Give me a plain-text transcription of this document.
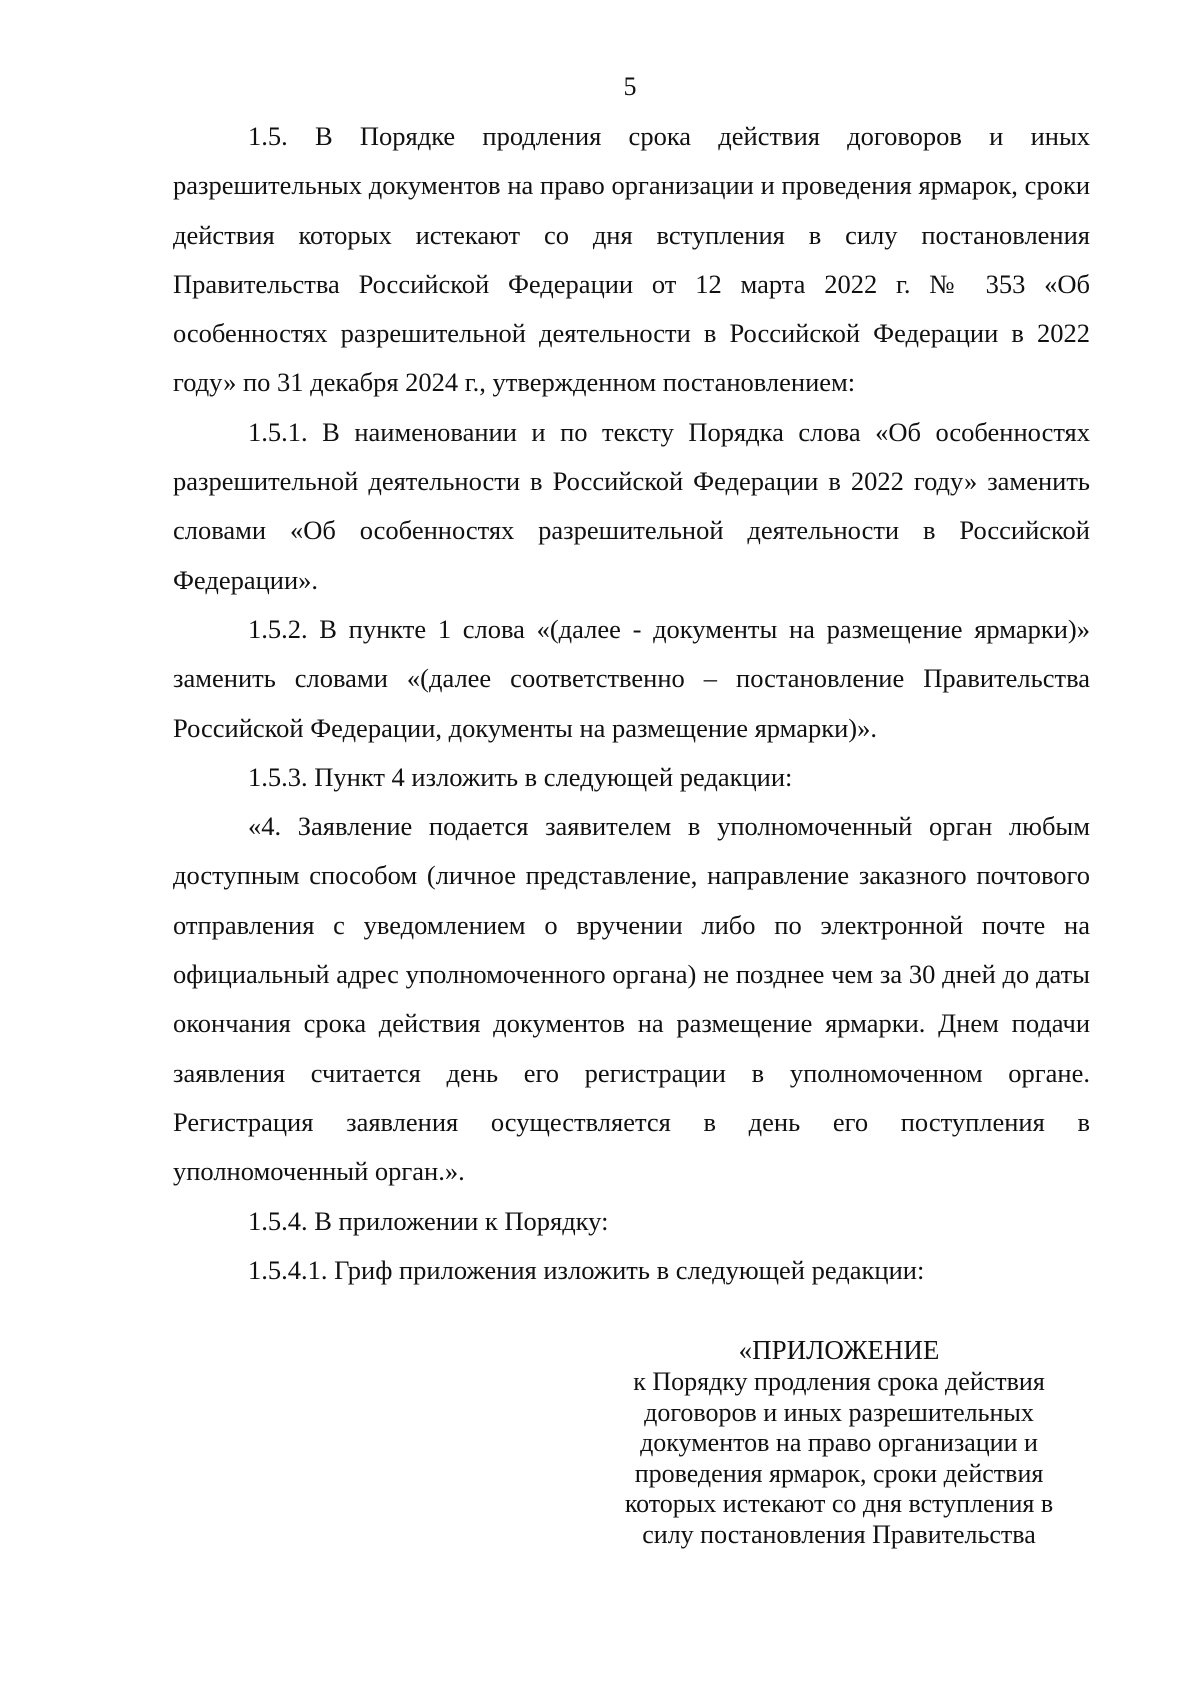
5

1.5. В Порядке продления срока действия договоров и иных разрешительных документов на право организации и проведения ярмарок, сроки действия которых истекают со дня вступления в силу постановления Правительства Российской Федерации от 12 марта 2022 г. № 353 «Об особенностях разрешительной деятельности в Российской Федерации в 2022 году» по 31 декабря 2024 г., утвержденном постановлением:

1.5.1. В наименовании и по тексту Порядка слова «Об особенностях разрешительной деятельности в Российской Федерации в 2022 году» заменить словами «Об особенностях разрешительной деятельности в Российской Федерации».

1.5.2. В пункте 1 слова «(далее - документы на размещение ярмарки)» заменить словами «(далее соответственно – постановление Правительства Российской Федерации, документы на размещение ярмарки)».

1.5.3. Пункт 4 изложить в следующей редакции:

«4. Заявление подается заявителем в уполномоченный орган любым доступным способом (личное представление, направление заказного почтового отправления с уведомлением о вручении либо по электронной почте на официальный адрес уполномоченного органа) не позднее чем за 30 дней до даты окончания срока действия документов на размещение ярмарки. Днем подачи заявления считается день его регистрации в уполномоченном органе. Регистрация заявления осуществляется в день его поступления в уполномоченный орган.».

1.5.4. В приложении к Порядку:

1.5.4.1. Гриф приложения изложить в следующей редакции:

«ПРИЛОЖЕНИЕ
к Порядку продления срока действия
договоров и иных разрешительных
документов на право организации и
проведения ярмарок, сроки действия
которых истекают со дня вступления в
силу постановления Правительства
